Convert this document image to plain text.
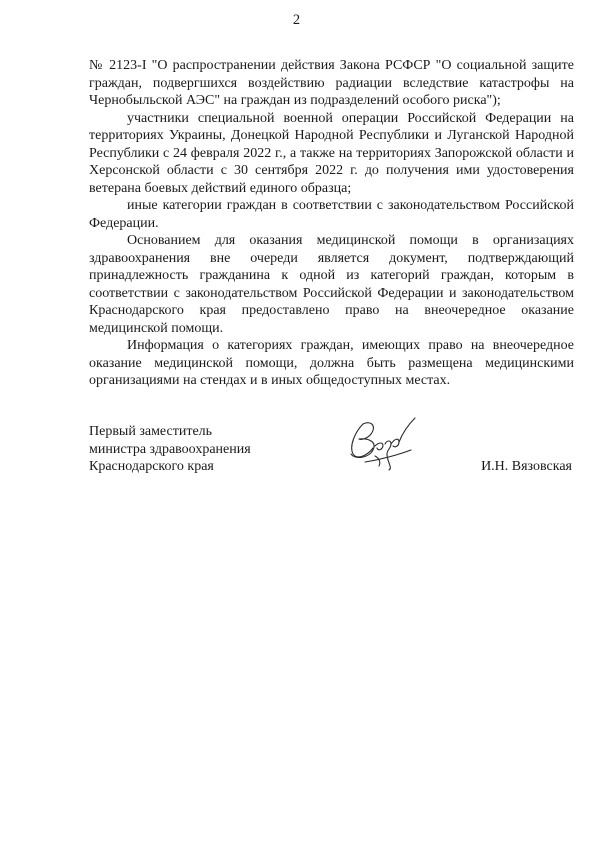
2

№ 2123-I "О распространении действия Закона РСФСР "О социальной защите граждан, подвергшихся воздействию радиации вследствие катастрофы на Чернобыльской АЭС" на граждан из подразделений особого риска");

участники специальной военной операции Российской Федерации на территориях Украины, Донецкой Народной Республики и Луганской Народной Республики с 24 февраля 2022 г., а также на территориях Запорожской области и Херсонской области с 30 сентября 2022 г. до получения ими удостоверения ветерана боевых действий единого образца;

иные категории граждан в соответствии с законодательством Российской Федерации.

Основанием для оказания медицинской помощи в организациях здравоохранения вне очереди является документ, подтверждающий принадлежность гражданина к одной из категорий граждан, которым в соответствии с законодательством Российской Федерации и законодательством Краснодарского края предоставлено право на внеочередное оказание медицинской помощи.

Информация о категориях граждан, имеющих право на внеочередное оказание медицинской помощи, должна быть размещена медицинскими организациями на стендах и в иных общедоступных местах.

Первый заместитель
министра здравоохранения
Краснодарского края	И.Н. Вязовская
